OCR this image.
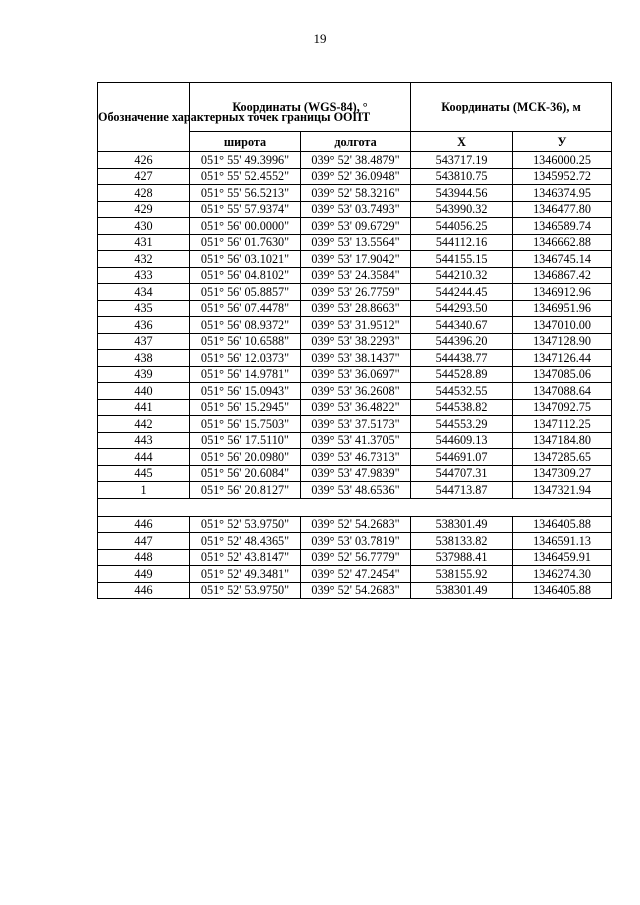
19
Обозначение характерных точек границы ООПТ	Координаты (WGS-84), °		Координаты (МСК-36), м	
	широта	долгота	X	У
426	051° 55' 49.3996"	039° 52' 38.4879"	543717.19	1346000.25
427	051° 55' 52.4552"	039° 52' 36.0948"	543810.75	1345952.72
428	051° 55' 56.5213"	039° 52' 58.3216"	543944.56	1346374.95
429	051° 55' 57.9374"	039° 53' 03.7493"	543990.32	1346477.80
430	051° 56' 00.0000"	039° 53' 09.6729"	544056.25	1346589.74
431	051° 56' 01.7630"	039° 53' 13.5564"	544112.16	1346662.88
432	051° 56' 03.1021"	039° 53' 17.9042"	544155.15	1346745.14
433	051° 56' 04.8102"	039° 53' 24.3584"	544210.32	1346867.42
434	051° 56' 05.8857"	039° 53' 26.7759"	544244.45	1346912.96
435	051° 56' 07.4478"	039° 53' 28.8663"	544293.50	1346951.96
436	051° 56' 08.9372"	039° 53' 31.9512"	544340.67	1347010.00
437	051° 56' 10.6588"	039° 53' 38.2293"	544396.20	1347128.90
438	051° 56' 12.0373"	039° 53' 38.1437"	544438.77	1347126.44
439	051° 56' 14.9781"	039° 53' 36.0697"	544528.89	1347085.06
440	051° 56' 15.0943"	039° 53' 36.2608"	544532.55	1347088.64
441	051° 56' 15.2945"	039° 53' 36.4822"	544538.82	1347092.75
442	051° 56' 15.7503"	039° 53' 37.5173"	544553.29	1347112.25
443	051° 56' 17.5110"	039° 53' 41.3705"	544609.13	1347184.80
444	051° 56' 20.0980"	039° 53' 46.7313"	544691.07	1347285.65
445	051° 56' 20.6084"	039° 53' 47.9839"	544707.31	1347309.27
1	051° 56' 20.8127"	039° 53' 48.6536"	544713.87	1347321.94

446	051° 52' 53.9750"	039° 52' 54.2683"	538301.49	1346405.88
447	051° 52' 48.4365"	039° 53' 03.7819"	538133.82	1346591.13
448	051° 52' 43.8147"	039° 52' 56.7779"	537988.41	1346459.91
449	051° 52' 49.3481"	039° 52' 47.2454"	538155.92	1346274.30
446	051° 52' 53.9750"	039° 52' 54.2683"	538301.49	1346405.88
